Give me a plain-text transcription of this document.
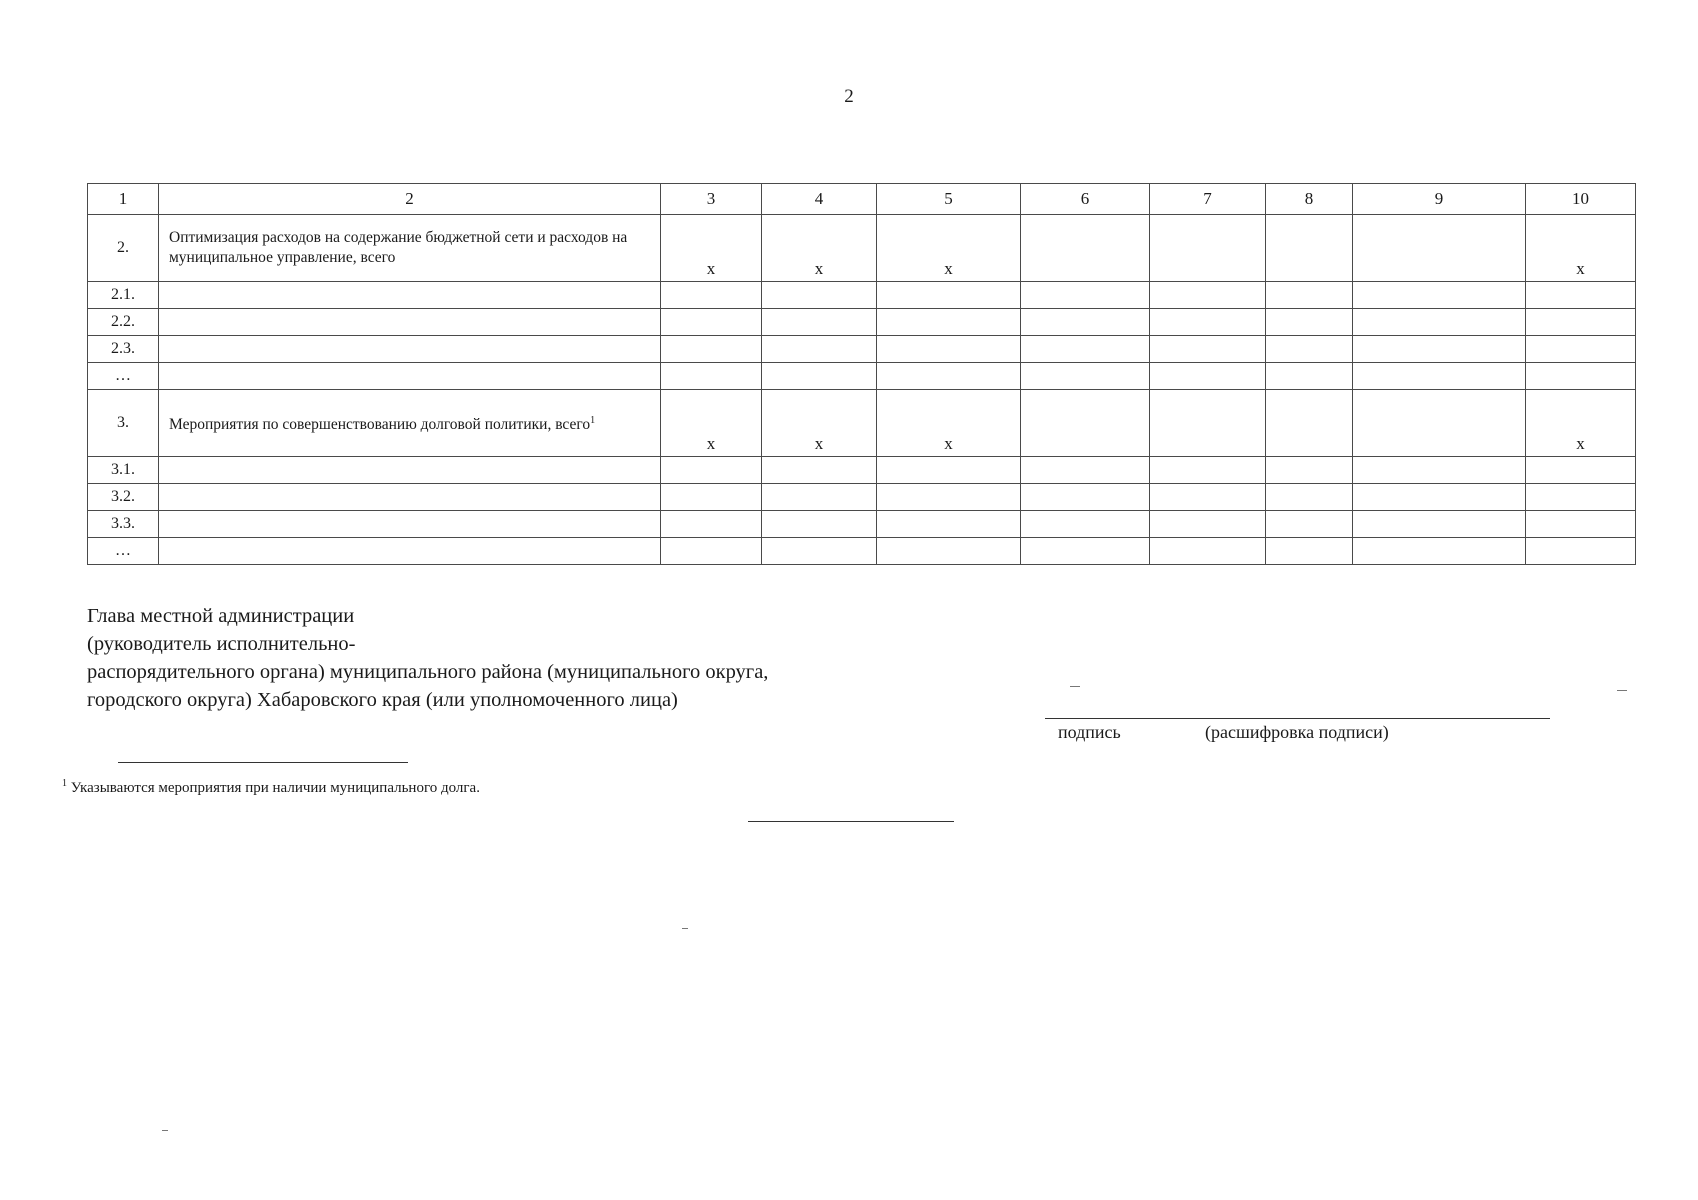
2
1	2	3	4	5	6	7	8	9	10
2.	Оптимизация расходов на содержание бюджетной сети и расходов на муниципальное управление, всего	х	х	х					х
2.1.									
2.2.									
2.3.									
…									
3.	Мероприятия по совершенствованию долговой политики, всего$^1$	х	х	х					х
3.1.									
3.2.									
3.3.									
…									
Глава местной администрации
(руководитель исполнительно-
распорядительного органа) муниципального района (муниципального округа,
городского округа) Хабаровского края (или уполномоченного лица)
подпись	(расшифровка подписи)
$^1$ Указываются мероприятия при наличии муниципального долга.
